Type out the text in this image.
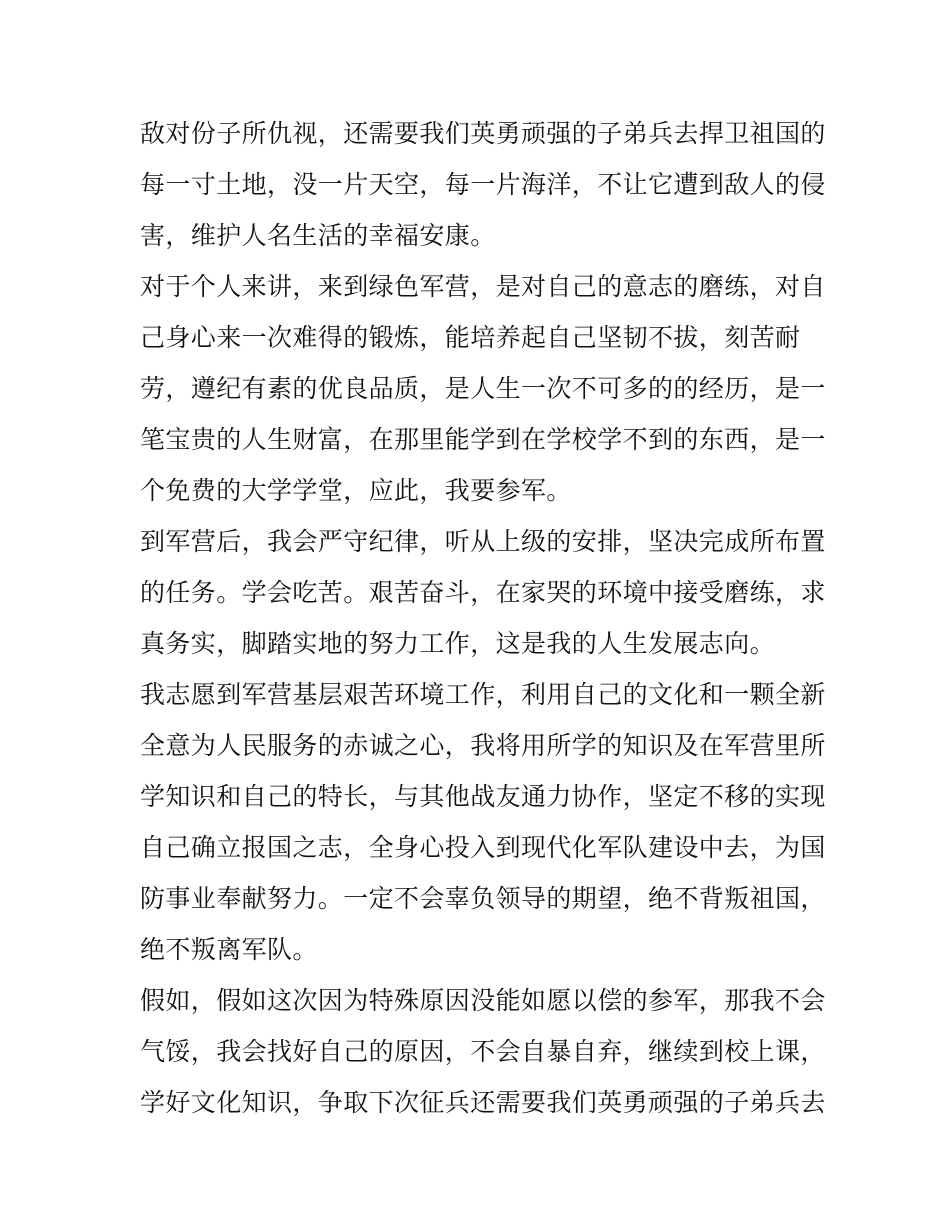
敌对份子所仇视，还需要我们英勇顽强的子弟兵去捍卫祖国的
每一寸土地，没一片天空，每一片海洋，不让它遭到敌人的侵
害，维护人名生活的幸福安康。
对于个人来讲，来到绿色军营，是对自己的意志的磨练，对自
己身心来一次难得的锻炼，能培养起自己坚韧不拔，刻苦耐
劳，遵纪有素的优良品质，是人生一次不可多的的经历，是一
笔宝贵的人生财富，在那里能学到在学校学不到的东西，是一
个免费的大学学堂，应此，我要参军。
到军营后，我会严守纪律，听从上级的安排，坚决完成所布置
的任务。学会吃苦。艰苦奋斗，在家哭的环境中接受磨练，求
真务实，脚踏实地的努力工作，这是我的人生发展志向。
我志愿到军营基层艰苦环境工作，利用自己的文化和一颗全新
全意为人民服务的赤诚之心，我将用所学的知识及在军营里所
学知识和自己的特长，与其他战友通力协作，坚定不移的实现
自己确立报国之志，全身心投入到现代化军队建设中去，为国
防事业奉献努力。一定不会辜负领导的期望，绝不背叛祖国，
绝不叛离军队。
假如，假如这次因为特殊原因没能如愿以偿的参军，那我不会
气馁，我会找好自己的原因，不会自暴自弃，继续到校上课，
学好文化知识，争取下次征兵还需要我们英勇顽强的子弟兵去
